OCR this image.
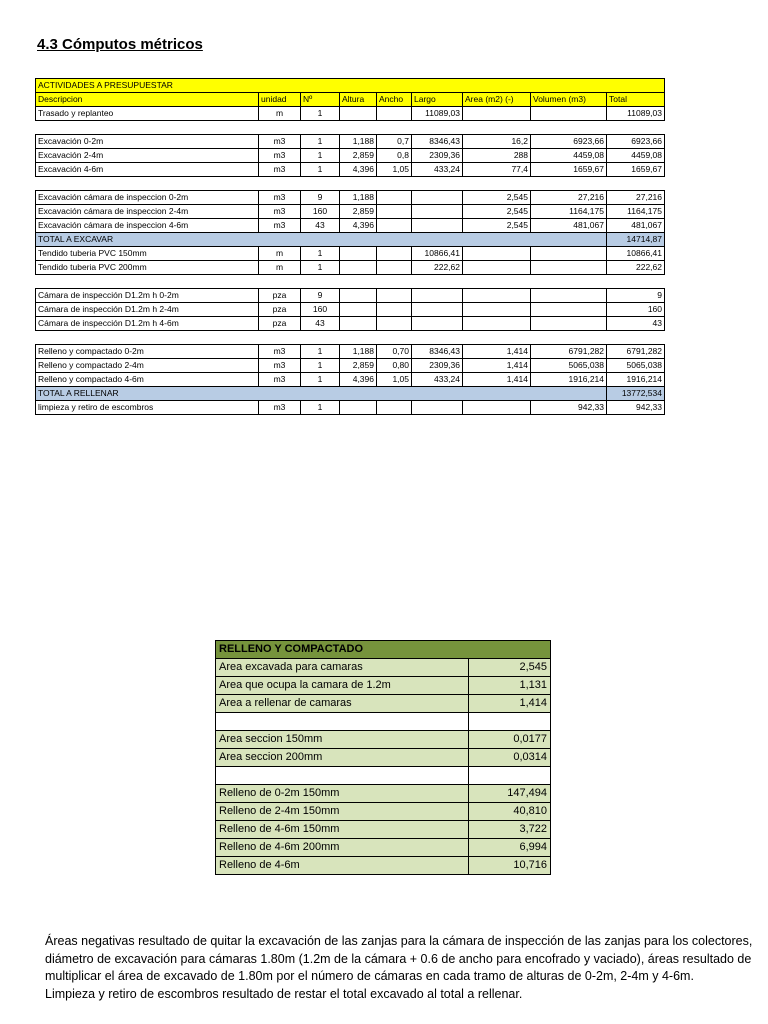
4.3 Cómputos métricos
ACTIVIDADES A PRESUPUESTAR								
Descripcion	unidad	Nº	Altura	Ancho	Largo	Area (m2) (-)	Volumen (m3)	Total
Trasado y replanteo	m	1			11089,03			11089,03

Excavación 0-2m	m3	1	1,188	0,7	8346,43	16,2	6923,66	6923,66
Excavación 2-4m	m3	1	2,859	0,8	2309,36	288	4459,08	4459,08
Excavación 4-6m	m3	1	4,396	1,05	433,24	77,4	1659,67	1659,67

Excavación cámara de inspeccion 0-2m	m3	9	1,188			2,545	27,216	27,216
Excavación cámara de inspeccion 2-4m	m3	160	2,859			2,545	1164,175	1164,175
Excavación cámara de inspeccion 4-6m	m3	43	4,396			2,545	481,067	481,067
TOTAL A EXCAVAR								14714,87
Tendido tuberia PVC 150mm	m	1			10866,41			10866,41
Tendido tuberia PVC 200mm	m	1			222,62			222,62

Cámara de inspección D1.2m h 0-2m	pza	9						9
Cámara de inspección D1.2m h 2-4m	pza	160						160
Cámara de inspección D1.2m h 4-6m	pza	43						43

Relleno y compactado 0-2m	m3	1	1,188	0,70	8346,43	1,414	6791,282	6791,282
Relleno y compactado 2-4m	m3	1	2,859	0,80	2309,36	1,414	5065,038	5065,038
Relleno y compactado 4-6m	m3	1	4,396	1,05	433,24	1,414	1916,214	1916,214
TOTAL A RELLENAR								13772,534
limpieza y retiro de escombros	m3	1					942,33	942,33
RELLENO Y COMPACTADO	
Area excavada para camaras	2,545
Area que ocupa la camara de 1.2m	1,131
Area a rellenar de camaras	1,414

Area seccion 150mm	0,0177
Area seccion 200mm	0,0314

Relleno de 0-2m 150mm	147,494
Relleno de 2-4m 150mm	40,810
Relleno de 4-6m 150mm	3,722
Relleno de 4-6m 200mm	6,994
Relleno de 4-6m	10,716

Áreas negativas resultado de quitar la excavación de las zanjas para la cámara de inspección de las zanjas para los colectores, diámetro de excavación para cámaras 1.80m (1.2m de la cámara + 0.6 de ancho para encofrado y vaciado), áreas resultado de multiplicar el área de excavado de 1.80m por el número de cámaras en cada tramo de alturas de 0-2m, 2-4m y 4-6m.

Limpieza y retiro de escombros resultado de restar el total excavado al total a rellenar.
